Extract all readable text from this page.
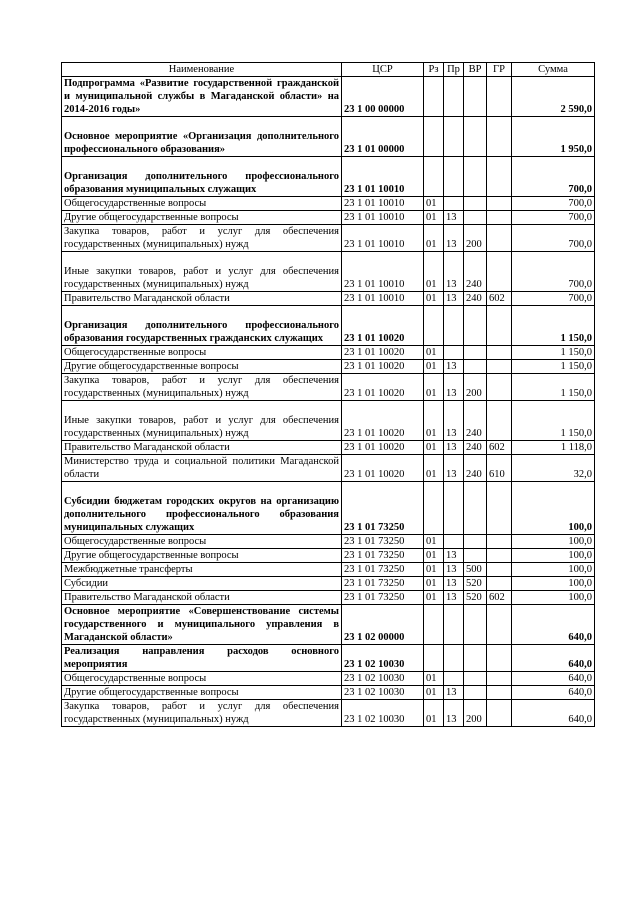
Наименование	ЦСР	Рз	Пр	ВР	ГР	Сумма
Подпрограмма «Развитие государственной гражданской и муниципальной службы в Магаданской области» на 2014-2016 годы»	23 1 00 00000					2 590,0
Основное мероприятие «Организация дополнительного профессионального образования»	23 1 01 00000					1 950,0
Организация дополнительного профессионального образования муниципальных служащих	23 1 01 10010					700,0
Общегосударственные вопросы	23 1 01 10010	01				700,0
Другие общегосударственные вопросы	23 1 01 10010	01	13			700,0
Закупка товаров, работ и услуг для обеспечения государственных (муниципальных) нужд	23 1 01 10010	01	13	200		700,0
Иные закупки товаров, работ и услуг для обеспечения государственных (муниципальных) нужд	23 1 01 10010	01	13	240		700,0
Правительство Магаданской области	23 1 01 10010	01	13	240	602	700,0
Организация дополнительного профессионального образования государственных гражданских служащих	23 1 01 10020					1 150,0
Общегосударственные вопросы	23 1 01 10020	01				1 150,0
Другие общегосударственные вопросы	23 1 01 10020	01	13			1 150,0
Закупка товаров, работ и услуг для обеспечения государственных (муниципальных) нужд	23 1 01 10020	01	13	200		1 150,0
Иные закупки товаров, работ и услуг для обеспечения государственных (муниципальных) нужд	23 1 01 10020	01	13	240		1 150,0
Правительство Магаданской области	23 1 01 10020	01	13	240	602	1 118,0
Министерство труда и социальной политики Магаданской области	23 1 01 10020	01	13	240	610	32,0
Субсидии бюджетам городских округов на организацию дополнительного профессионального образования муниципальных служащих	23 1 01 73250					100,0
Общегосударственные вопросы	23 1 01 73250	01				100,0
Другие общегосударственные вопросы	23 1 01 73250	01	13			100,0
Межбюджетные трансферты	23 1 01 73250	01	13	500		100,0
Субсидии	23 1 01 73250	01	13	520		100,0
Правительство Магаданской области	23 1 01 73250	01	13	520	602	100,0
Основное мероприятие «Совершенствование системы государственного и муниципального управления в Магаданской области»	23 1 02 00000					640,0
Реализация направления расходов основного мероприятия	23 1 02 10030					640,0
Общегосударственные вопросы	23 1 02 10030	01				640,0
Другие общегосударственные вопросы	23 1 02 10030	01	13			640,0
Закупка товаров, работ и услуг для обеспечения государственных (муниципальных) нужд	23 1 02 10030	01	13	200		640,0
